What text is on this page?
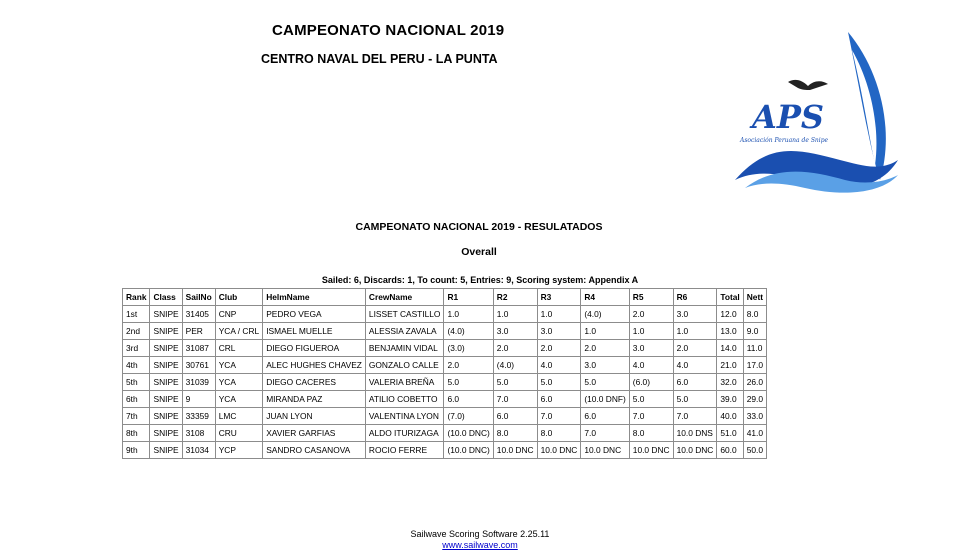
CAMPEONATO NACIONAL 2019
CENTRO NAVAL DEL PERU - LA PUNTA
APS
Asociación Peruana de Snipe
CAMPEONATO NACIONAL 2019 - RESULATADOS
Overall
Sailed: 6, Discards: 1, To count: 5, Entries: 9, Scoring system: Appendix A
Rank	Class	SailNo	Club	HelmName	CrewName	R1	R2	R3	R4	R5	R6	Total	Nett
1st	SNIPE	31405	CNP	PEDRO VEGA	LISSET CASTILLO	1.0	1.0	1.0	(4.0)	2.0	3.0	12.0	8.0
2nd	SNIPE	PER	YCA / CRL	ISMAEL MUELLE	ALESSIA ZAVALA	(4.0)	3.0	3.0	1.0	1.0	1.0	13.0	9.0
3rd	SNIPE	31087	CRL	DIEGO FIGUEROA	BENJAMIN VIDAL	(3.0)	2.0	2.0	2.0	3.0	2.0	14.0	11.0
4th	SNIPE	30761	YCA	ALEC HUGHES CHAVEZ	GONZALO CALLE	2.0	(4.0)	4.0	3.0	4.0	4.0	21.0	17.0
5th	SNIPE	31039	YCA	DIEGO CACERES	VALERIA BREÑA	5.0	5.0	5.0	5.0	(6.0)	6.0	32.0	26.0
6th	SNIPE	9	YCA	MIRANDA PAZ	ATILIO COBETTO	6.0	7.0	6.0	(10.0 DNF)	5.0	5.0	39.0	29.0
7th	SNIPE	33359	LMC	JUAN LYON	VALENTINA LYON	(7.0)	6.0	7.0	6.0	7.0	7.0	40.0	33.0
8th	SNIPE	3108	CRU	XAVIER GARFIAS	ALDO ITURIZAGA	(10.0 DNC)	8.0	8.0	7.0	8.0	10.0 DNS	51.0	41.0
9th	SNIPE	31034	YCP	SANDRO CASANOVA	ROCIO FERRE	(10.0 DNC)	10.0 DNC	10.0 DNC	10.0 DNC	10.0 DNC	10.0 DNC	60.0	50.0
Sailwave Scoring Software 2.25.11
www.sailwave.com
